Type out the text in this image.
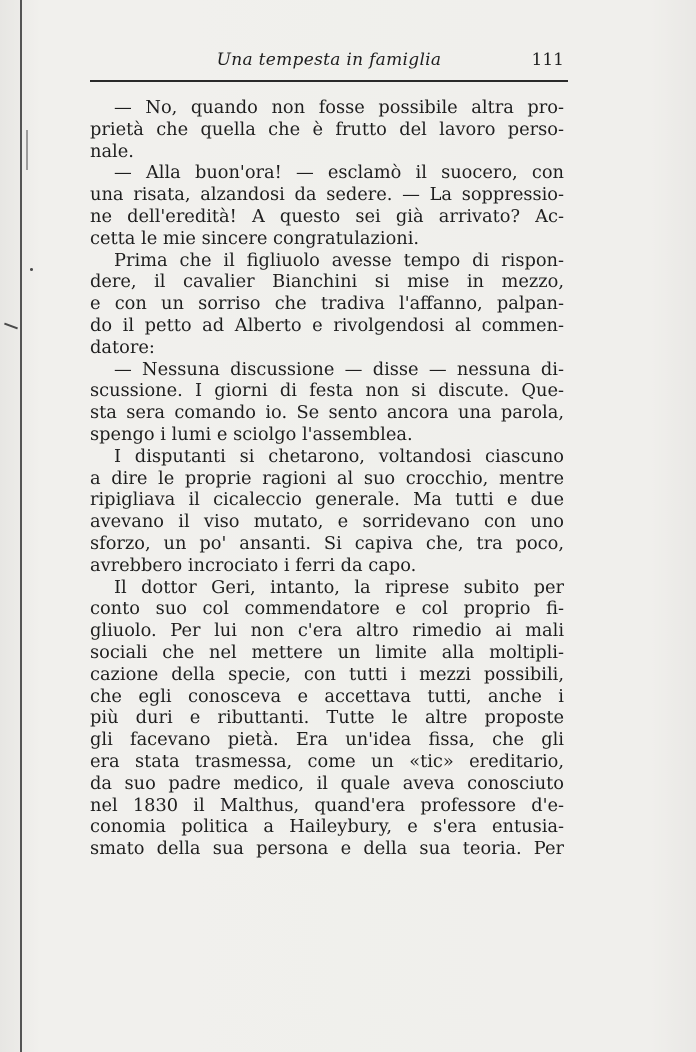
Una tempesta in famiglia	111
— No, quando non fosse possibile altra pro-
prietà che quella che è frutto del lavoro perso-
nale.
— Alla buon'ora! — esclamò il suocero, con
una risata, alzandosi da sedere. — La soppressio-
ne dell'eredità! A questo sei già arrivato? Ac-
cetta le mie sincere congratulazioni.
Prima che il figliuolo avesse tempo di rispon-
dere, il cavalier Bianchini si mise in mezzo,
e con un sorriso che tradiva l'affanno, palpan-
do il petto ad Alberto e rivolgendosi al commen-
datore:
— Nessuna discussione — disse — nessuna di-
scussione. I giorni di festa non si discute. Que-
sta sera comando io. Se sento ancora una parola,
spengo i lumi e sciolgo l'assemblea.
I disputanti si chetarono, voltandosi ciascuno
a dire le proprie ragioni al suo crocchio, mentre
ripigliava il cicaleccio generale. Ma tutti e due
avevano il viso mutato, e sorridevano con uno
sforzo, un po' ansanti. Si capiva che, tra poco,
avrebbero incrociato i ferri da capo.
Il dottor Geri, intanto, la riprese subito per
conto suo col commendatore e col proprio fi-
gliuolo. Per lui non c'era altro rimedio ai mali
sociali che nel mettere un limite alla moltipli-
cazione della specie, con tutti i mezzi possibili,
che egli conosceva e accettava tutti, anche i
più duri e ributtanti. Tutte le altre proposte
gli facevano pietà. Era un'idea fissa, che gli
era stata trasmessa, come un «tic» ereditario,
da suo padre medico, il quale aveva conosciuto
nel 1830 il Malthus, quand'era professore d'e-
conomia politica a Haileybury, e s'era entusia-
smato della sua persona e della sua teoria. Per
